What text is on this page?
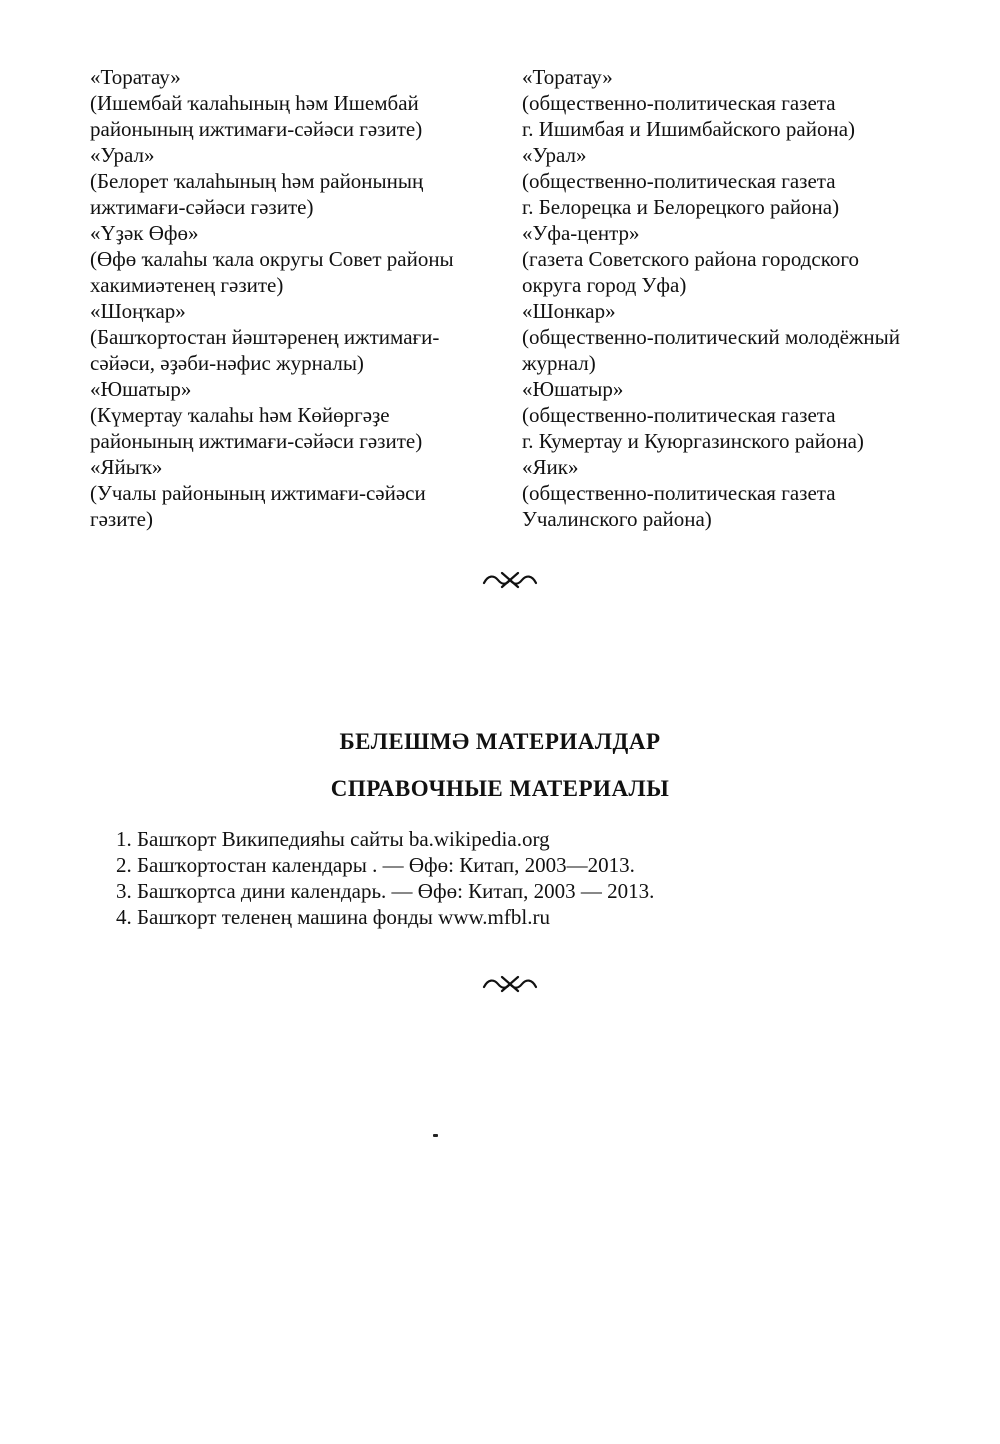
«Торатау»
(Ишембай ҡалаһының һәм Ишембай
районының ижтимағи-сәйәси гәзите)
«Урал»
(Белорет ҡалаһының һәм районының
ижтимағи-сәйәси гәзите)
«Үҙәк Өфө»
(Өфө ҡалаһы ҡала округы Совет районы
хакимиәтенең гәзите)
«Шоңҡар»
(Башҡортостан йәштәренең ижтимағи-
сәйәси, әҙәби-нәфис журналы)
«Юшатыр»
(Күмертау ҡалаһы һәм Көйөргәҙе
районының ижтимағи-сәйәси гәзите)
«Яйыҡ»
(Учалы районының ижтимағи-сәйәси
гәзите)
«Торатау»
(общественно-политическая газета
г. Ишимбая и Ишимбайского района)
«Урал»
(общественно-политическая газета
г. Белорецка и Белорецкого района)
«Уфа-центр»
(газета Советского района городского
округа город Уфа)
«Шонкар»
(общественно-политический молодёжный
журнал)
«Юшатыр»
(общественно-политическая газета
г. Кумертау и Куюргазинского района)
«Яик»
(общественно-политическая газета
Учалинского района)
БЕЛЕШМӘ МАТЕРИАЛДАР
СПРАВОЧНЫЕ МАТЕРИАЛЫ
1. Башҡорт Википедияһы сайты ba.wikipedia.org
2. Башҡортостан календары . — Өфө: Китап, 2003—2013.
3. Башҡортса дини календарь. — Өфө: Китап, 2003 — 2013.
4. Башҡорт теленең машина фонды www.mfbl.ru
